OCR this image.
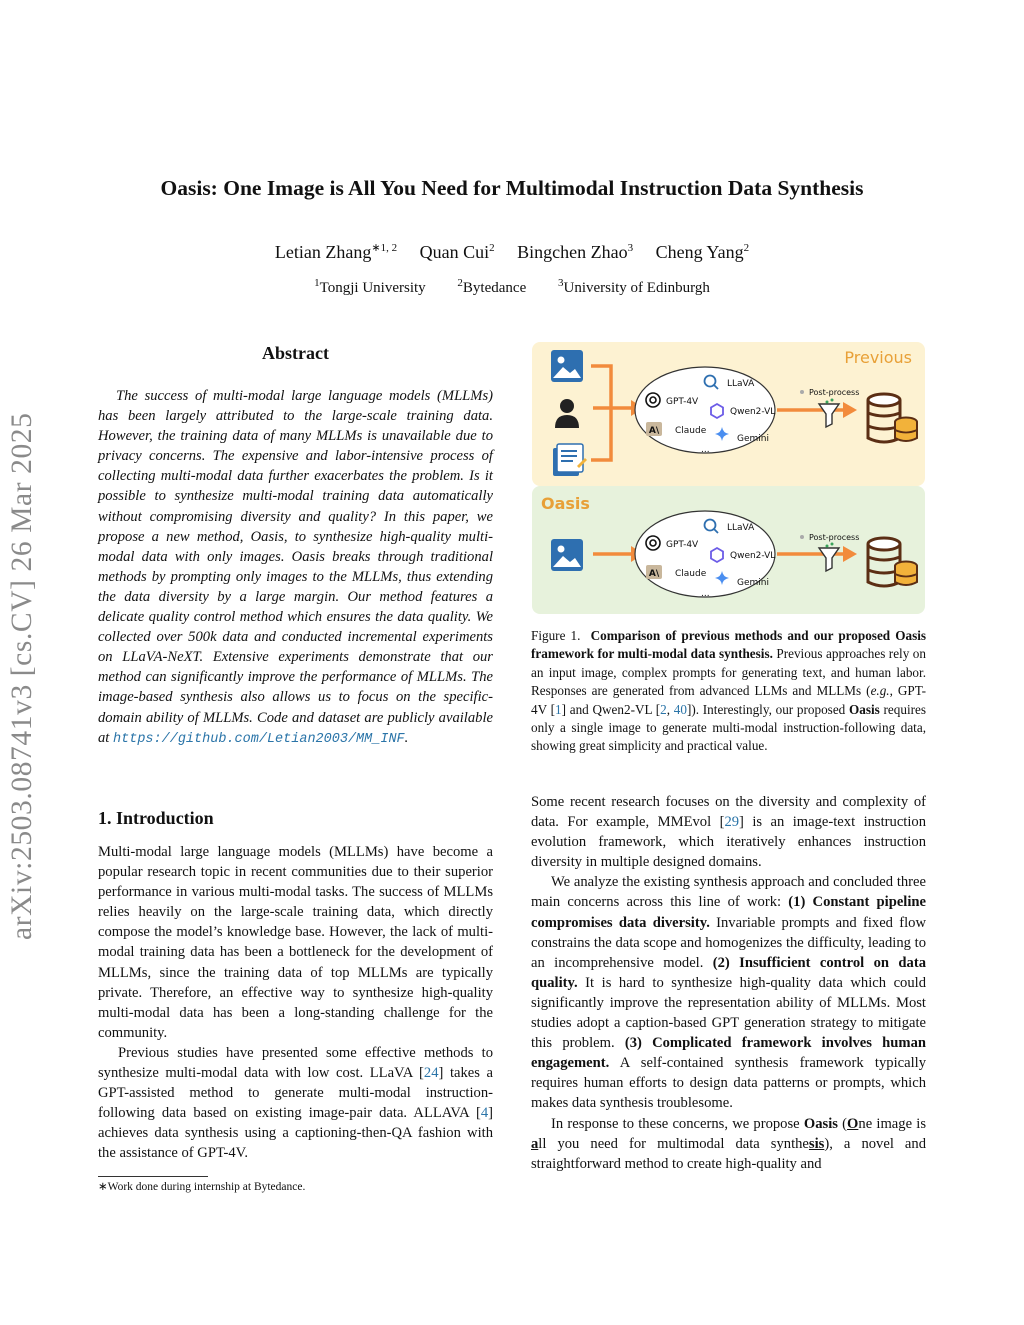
Oasis: One Image is All You Need for Multimodal Instruction Data Synthesis
Letian Zhang$^{∗1, 2}$ Quan Cui$^2$ Bingchen Zhao$^3$ Cheng Yang$^2$
$^1$Tongji University	$^2$Bytedance	$^3$University of Edinburgh
arXiv:2503.08741v3 [cs.CV] 26 Mar 2025
Abstract
The success of multi-modal large language models (MLLMs) has been largely attributed to the large-scale training data. However, the training data of many MLLMs is unavailable due to privacy concerns. The expensive and labor-intensive process of collecting multi-modal data further exacerbates the problem. Is it possible to synthesize multi-modal training data automatically without compromising diversity and quality? In this paper, we propose a new method, Oasis, to synthesize high-quality multi-modal data with only images. Oasis breaks through traditional methods by prompting only images to the MLLMs, thus extending the data diversity by a large margin. Our method features a delicate quality control method which ensures the data quality. We collected over 500k data and conducted incremental experiments on LLaVA-NeXT. Extensive experiments demonstrate that our method can significantly improve the performance of MLLMs. The image-based synthesis also allows us to focus on the specific-domain ability of MLLMs. Code and dataset are publicly available at https://github.com/Letian2003/MM_INF.
1. Introduction

Multi-modal large language models (MLLMs) have become a popular research topic in recent communities due to their superior performance in various multi-modal tasks. The success of MLLMs relies heavily on the large-scale training data, which directly compose the model’s knowledge base. However, the lack of multi-modal training data has been a bottleneck for the development of MLLMs, since the training data of top MLLMs are typically private. Therefore, an effective way to synthesize high-quality multi-modal data has been a long-standing challenge for the community.

Previous studies have presented some effective methods to synthesize multi-modal data with low cost. LLaVA [24] takes a GPT-assisted method to generate multi-modal instruction-following data based on existing image-pair data. ALLAVA [4] achieves data synthesis using a captioning-then-QA fashion with the assistance of GPT-4V.

∗Work done during internship at Bytedance.
Previous
GPT-4V
A\ Claude
LLaVA
Qwen2-VL
Gemini
...
Post-process
Oasis
GPT-4V
A\ Claude
LLaVA
Qwen2-VL
Gemini
...
Post-process
Figure 1. Comparison of previous methods and our proposed Oasis framework for multi-modal data synthesis. Previous approaches rely on an input image, complex prompts for generating text, and human labor. Responses are generated from advanced LLMs and MLLMs (e.g., GPT-4V [1] and Qwen2-VL [2, 40]). Interestingly, our proposed Oasis requires only a single image to generate multi-modal instruction-following data, showing great simplicity and practical value.

Some recent research focuses on the diversity and complexity of data. For example, MMEvol [29] is an image-text instruction evolution framework, which iteratively enhances instruction diversity in multiple designed domains.

We analyze the existing synthesis approach and concluded three main concerns across this line of work: (1) Constant pipeline compromises data diversity. Invariable prompts and fixed flow constrains the data scope and homogenizes the difficulty, leading to an incomprehensive model. (2) Insufficient control on data quality. It is hard to synthesize high-quality data which could significantly improve the representation ability of MLLMs. Most studies adopt a caption-based GPT generation strategy to mitigate this problem. (3) Complicated framework involves human engagement. A self-contained synthesis framework typically requires human efforts to design data patterns or prompts, which makes data synthesis troublesome.

In response to these concerns, we propose Oasis (One image is all you need for multimodal data synthesis), a novel and straightforward method to create high-quality and
